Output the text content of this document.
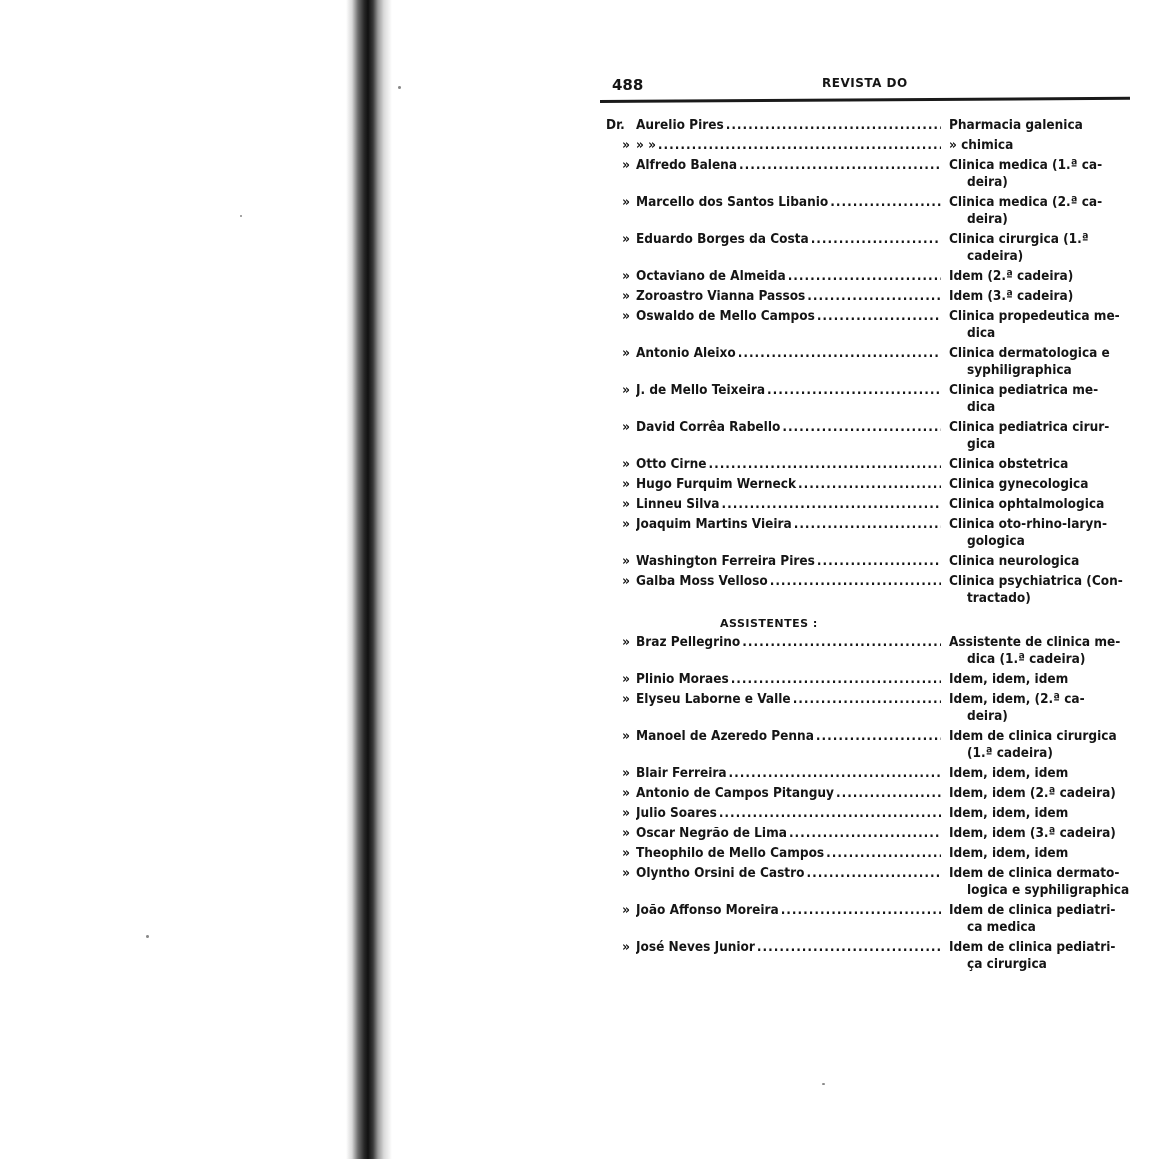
488	REVISTA DO
Dr. Aurelio Pires .....	Pharmacia galenica
» » » .....	» chimica
» Alfredo Balena .....	Clinica medica (1.ª ca-
deira)
» Marcello dos Santos Libanio .....	Clinica medica (2.ª ca-
deira)
» Eduardo Borges da Costa .....	Clinica cirurgica (1.ª
cadeira)
» Octaviano de Almeida .....	Idem (2.ª cadeira)
» Zoroastro Vianna Passos .....	Idem (3.ª cadeira)
» Oswaldo de Mello Campos .....	Clinica propedeutica me-
dica
» Antonio Aleixo .....	Clinica dermatologica e
syphiligraphica
» J. de Mello Teixeira .....	Clinica pediatrica me-
dica
» David Corrêa Rabello .....	Clinica pediatrica cirur-
gica
» Otto Cirne .....	Clinica obstetrica
» Hugo Furquim Werneck .....	Clinica gynecologica
» Linneu Silva .....	Clinica ophtalmologica
» Joaquim Martins Vieira .....	Clinica oto-rhino-laryn-
gologica
» Washington Ferreira Pires .....	Clinica neurologica
» Galba Moss Velloso .....	Clinica psychiatrica (Con-
tractado)
ASSISTENTES :
» Braz Pellegrino .....	Assistente de clinica me-
dica (1.ª cadeira)
» Plinio Moraes .....	Idem, idem, idem
» Elyseu Laborne e Valle .....	Idem, idem, (2.ª ca-
deira)
» Manoel de Azeredo Penna .....	Idem de clinica cirurgica
(1.ª cadeira)
» Blair Ferreira .....	Idem, idem, idem
» Antonio de Campos Pitanguy .....	Idem, idem (2.ª cadeira)
» Julio Soares .....	Idem, idem, idem
» Oscar Negrão de Lima .....	Idem, idem (3.ª cadeira)
» Theophilo de Mello Campos .....	Idem, idem, idem
» Olyntho Orsini de Castro .....	Idem de clinica dermato-
logica e syphiligraphica
» João Affonso Moreira .....	Idem de clinica pediatri-
ca medica
» José Neves Junior .....	Idem de clinica pediatri-
ça cirurgica
